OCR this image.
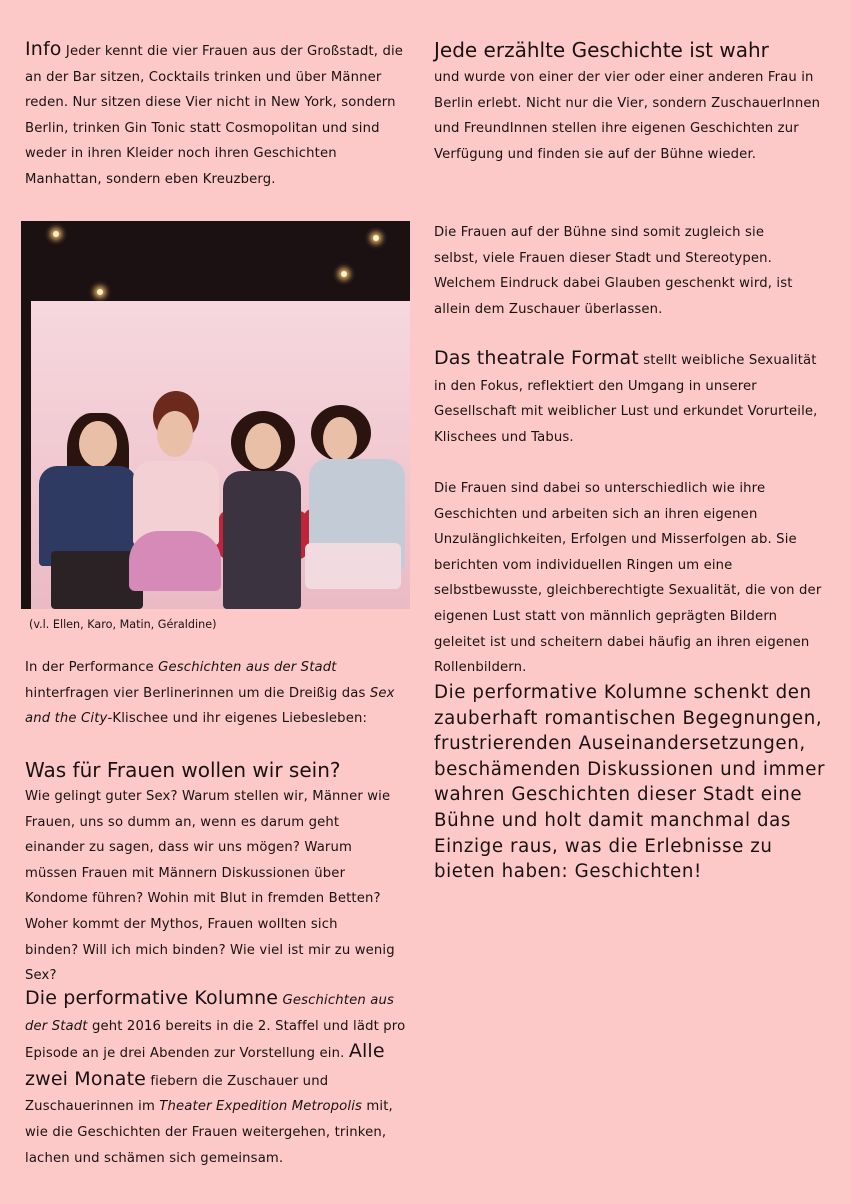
Info Jeder kennt die vier Frauen aus der Großstadt, die an der Bar sitzen, Cocktails trinken und über Männer reden. Nur sitzen diese Vier nicht in New York, sondern Berlin, trinken Gin Tonic statt Cosmopolitan und sind weder in ihren Kleider noch ihren Geschichten Manhattan, sondern eben Kreuzberg.

In der Performance Geschichten aus der Stadt hinterfragen vier Berlinerinnen um die Dreißig das Sex and the City-Klischee und ihr eigenes Liebesleben:

Was für Frauen wollen wir sein?

Wie gelingt guter Sex? Warum stellen wir, Männer wie Frauen, uns so dumm an, wenn es darum geht einander zu sagen, dass wir uns mögen? Warum müssen Frauen mit Männern Diskussionen über Kondome führen? Wohin mit Blut in fremden Betten? Woher kommt der Mythos, Frauen wollten sich binden? Will ich mich binden? Wie viel ist mir zu wenig Sex?

Die performative Kolumne Geschichten aus der Stadt geht 2016 bereits in die 2. Staffel und lädt pro Episode an je drei Abenden zur Vorstellung ein. Alle zwei Monate fiebern die Zuschauer und Zuschauerinnen im Theater Expedition Metropolis mit, wie die Geschichten der Frauen weitergehen, trinken, lachen und schämen sich gemeinsam.

(v.l. Ellen, Karo, Matin, Géraldine)
Jede erzählte Geschichte ist wahr

und wurde von einer der vier oder einer anderen Frau in Berlin erlebt. Nicht nur die Vier, sondern ZuschauerInnen und FreundInnen stellen ihre eigenen Geschichten zur Verfügung und finden sie auf der Bühne wieder.

Die Frauen auf der Bühne sind somit zugleich sie selbst, viele Frauen dieser Stadt und Stereotypen. Welchem Eindruck dabei Glauben geschenkt wird, ist allein dem Zuschauer überlassen.

Das theatrale Format stellt weibliche Sexualität in den Fokus, reflektiert den Umgang in unserer Gesellschaft mit weiblicher Lust und erkundet Vorurteile, Klischees und Tabus.

Die Frauen sind dabei so unterschiedlich wie ihre Geschichten und arbeiten sich an ihren eigenen Unzulänglichkeiten, Erfolgen und Misserfolgen ab. Sie berichten vom individuellen Ringen um eine selbstbewusste, gleichberechtigte Sexualität, die von der eigenen Lust statt von männlich geprägten Bildern geleitet ist und scheitern dabei häufig an ihren eigenen Rollenbildern.

Die performative Kolumne schenkt den zauberhaft romantischen Begegnungen, frustrierenden Auseinandersetzungen, beschämenden Diskussionen und immer wahren Geschichten dieser Stadt eine Bühne und holt damit manchmal das Einzige raus, was die Erlebnisse zu bieten haben: Geschichten!
